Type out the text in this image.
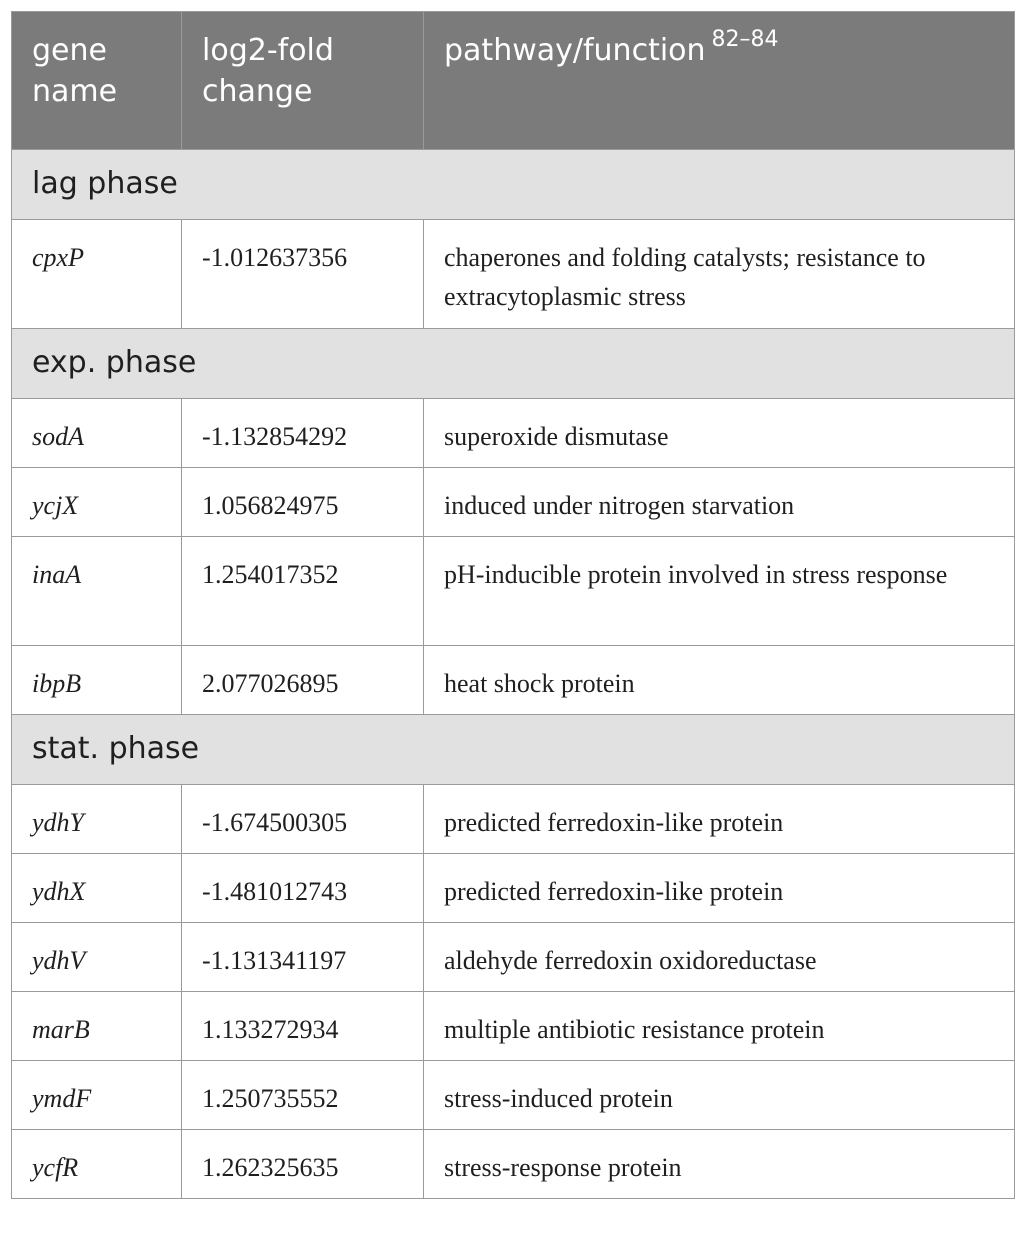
gene name	log2-fold change	pathway/function $^{82-84}$
lag phase		
cpxP	-1.012637356	chaperones and folding catalysts; resistance to extracytoplasmic stress
exp. phase		
sodA	-1.132854292	superoxide dismutase
ycjX	1.056824975	induced under nitrogen starvation
inaA	1.254017352	pH-inducible protein involved in stress response
ibpB	2.077026895	heat shock protein
stat. phase		
ydhY	-1.674500305	predicted ferredoxin-like protein
ydhX	-1.481012743	predicted ferredoxin-like protein
ydhV	-1.131341197	aldehyde ferredoxin oxidoreductase
marB	1.133272934	multiple antibiotic resistance protein
ymdF	1.250735552	stress-induced protein
ycfR	1.262325635	stress-response protein
